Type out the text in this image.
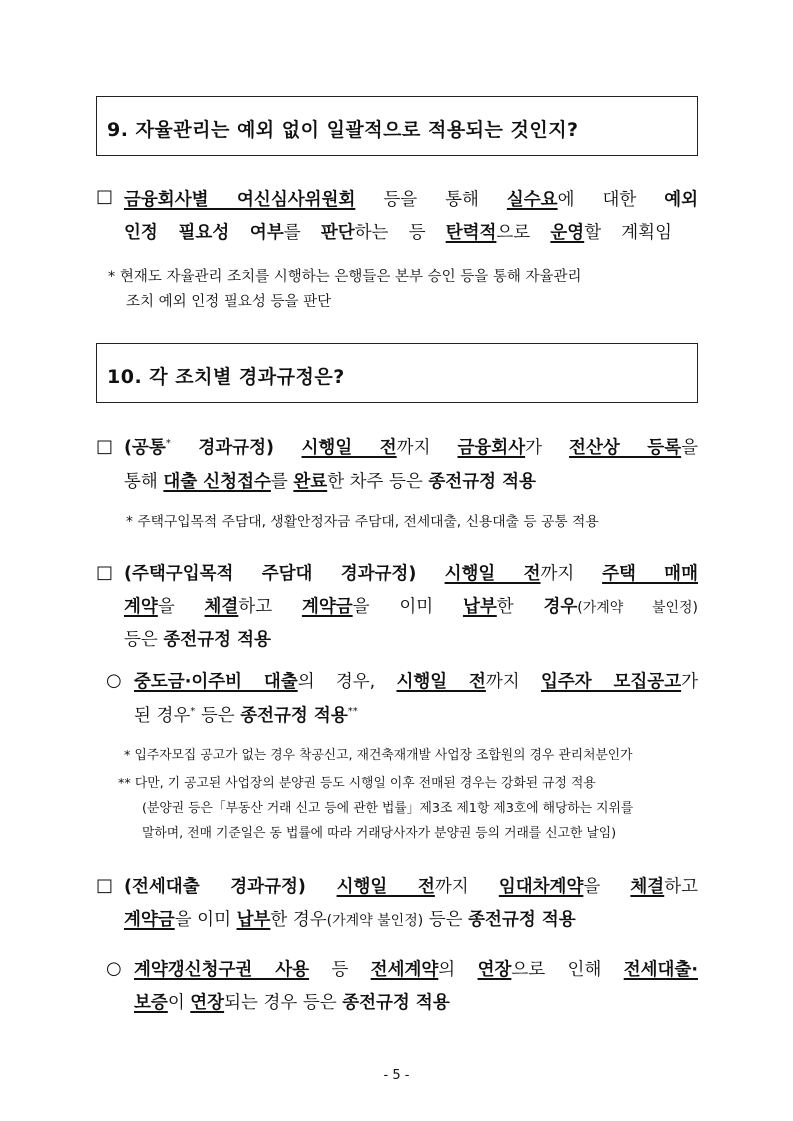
9. 자율관리는 예외 없이 일괄적으로 적용되는 것인지?
□ 금융회사별 여신심사위원회 등을 통해 실수요에 대한 예외
인정 필요성 여부를 판단하는 등 탄력적으로 운영할 계획임
* 현재도 자율관리 조치를 시행하는 은행들은 본부 승인 등을 통해 자율관리
조치 예외 인정 필요성 등을 판단
10. 각 조치별 경과규정은?
□ (공통* 경과규정) 시행일 전까지 금융회사가 전산상 등록을
통해 대출 신청접수를 완료한 차주 등은 종전규정 적용
* 주택구입목적 주담대, 생활안정자금 주담대, 전세대출, 신용대출 등 공통 적용
□ (주택구입목적 주담대 경과규정) 시행일 전까지 주택 매매
계약을 체결하고 계약금을 이미 납부한 경우(가계약 불인정)
등은 종전규정 적용
○ 중도금·이주비 대출의 경우, 시행일 전까지 입주자 모집공고가
된 경우* 등은 종전규정 적용**
* 입주자모집 공고가 없는 경우 착공신고, 재건축재개발 사업장 조합원의 경우 관리처분인가
** 다만, 기 공고된 사업장의 분양권 등도 시행일 이후 전매된 경우는 강화된 규정 적용
(분양권 등은「부동산 거래 신고 등에 관한 법률」제3조 제1항 제3호에 해당하는 지위를
말하며, 전매 기준일은 동 법률에 따라 거래당사자가 분양권 등의 거래를 신고한 날임)
□ (전세대출 경과규정) 시행일 전까지 임대차계약을 체결하고
계약금을 이미 납부한 경우(가계약 불인정) 등은 종전규정 적용
○ 계약갱신청구권 사용 등 전세계약의 연장으로 인해 전세대출·
보증이 연장되는 경우 등은 종전규정 적용
- 5 -
